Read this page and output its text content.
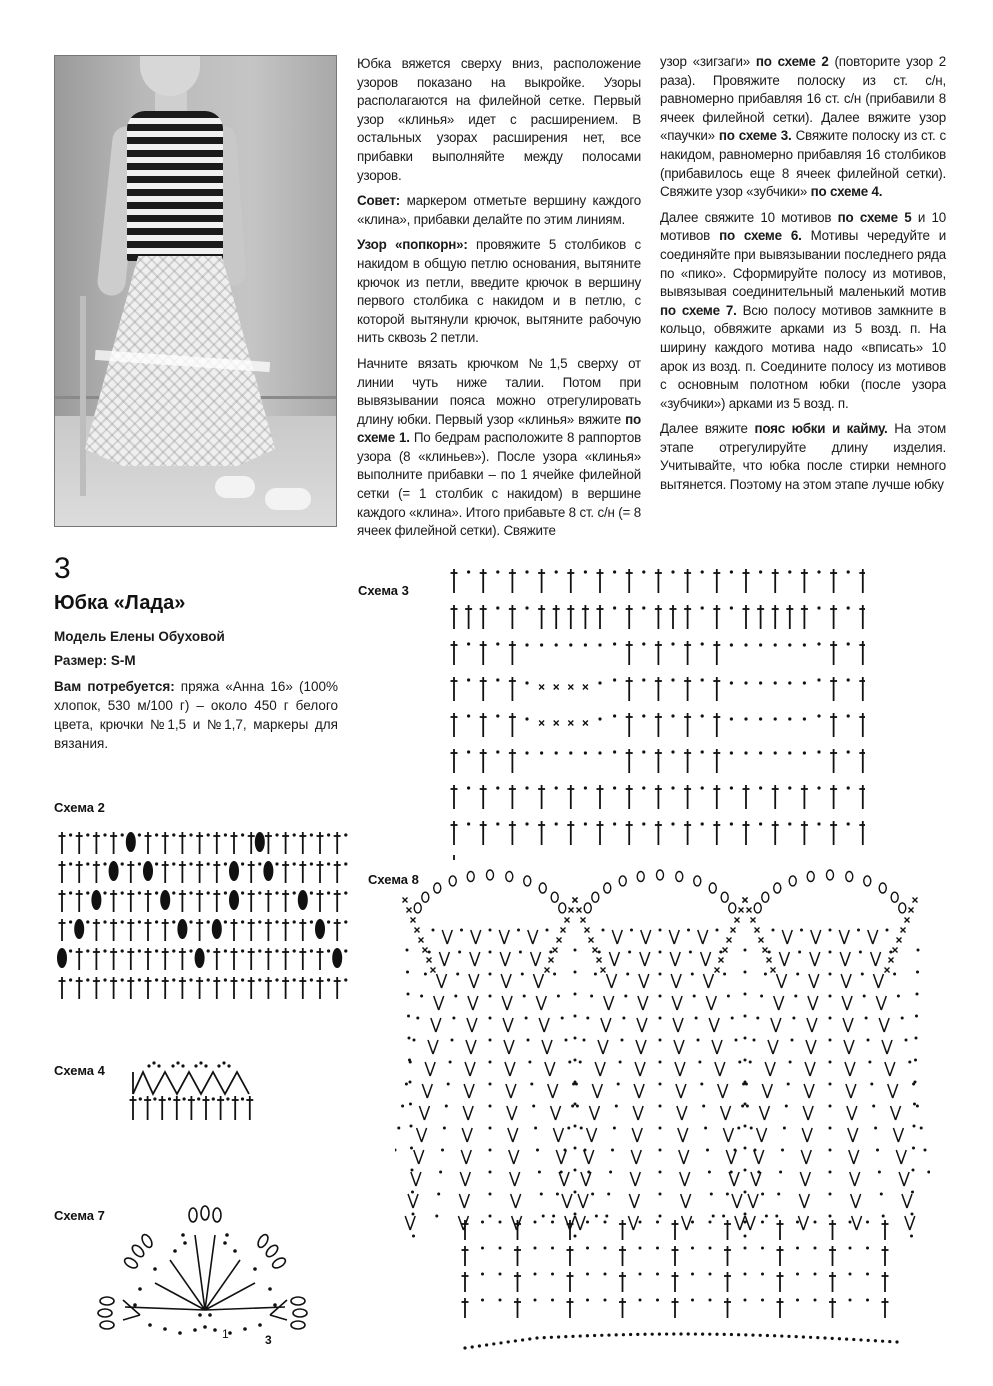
Юбка вяжется сверху вниз, расположение узоров показано на выкройке. Узоры располагаются на филейной сетке. Первый узор «клинья» идет с расширением. В остальных узорах расширения нет, все прибавки выполняйте между полосами узоров.

Совет: маркером отметьте вершину каждого «клина», прибавки делайте по этим линиям.

Узор «попкорн»: провяжите 5 столбиков с накидом в общую петлю основания, вытяните крючок из петли, введите крючок в вершину первого столбика с накидом и в петлю, с которой вытянули крючок, вытяните рабочую нить сквозь 2 петли.

Начните вязать крючком №1,5 сверху от линии чуть ниже талии. Потом при вывязывании пояса можно отрегулировать длину юбки. Первый узор «клинья» вяжите по схеме 1. По бедрам расположите 8 раппортов узора (8 «клиньев»). После узора «клинья» выполните прибавки – по 1 ячейке филейной сетки (= 1 столбик с накидом) в вершине каждого «клина». Итого прибавьте 8 ст. с/н (= 8 ячеек филейной сетки). Свяжите

узор «зигзаги» по схеме 2 (повторите узор 2 раза). Провяжите полоску из ст. с/н, равномерно прибавляя 16 ст. с/н (прибавили 8 ячеек филейной сетки). Далее вяжите узор «паучки» по схеме 3. Свяжите полоску из ст. с накидом, равномерно прибавляя 16 столбиков (прибавилось еще 8 ячеек филейной сетки). Свяжите узор «зубчики» по схеме 4.

Далее свяжите 10 мотивов по схеме 5 и 10 мотивов по схеме 6. Мотивы чередуйте и соединяйте при вывязывании последнего ряда по «пико». Сформируйте полосу из мотивов, вывязывая соединительный маленький мотив по схеме 7. Всю полосу мотивов замкните в кольцо, обвяжите арками из 5 возд. п. На ширину каждого мотива надо «вписать» 10 арок из возд. п. Соедините полосу из мотивов с основным полотном юбки (после узора «зубчики») арками из 5 возд. п.

Далее вяжите пояс юбки и кайму. На этом этапе отрегулируйте длину изделия. Учитывайте, что юбка после стирки немного вытянется. Поэтому на этом этапе лучше юбку

3
Юбка «Лада»
Модель Елены Обуховой
Размер: S-M
Вам потребуется: пряжа «Анна 16» (100% хлопок, 530 м/100 г) – около 450 г белого цвета, крючки №1,5 и №1,7, маркеры для вязания.
Схема 2
Схема 3
Схема 4
Схема 7
Схема 8
1	3
